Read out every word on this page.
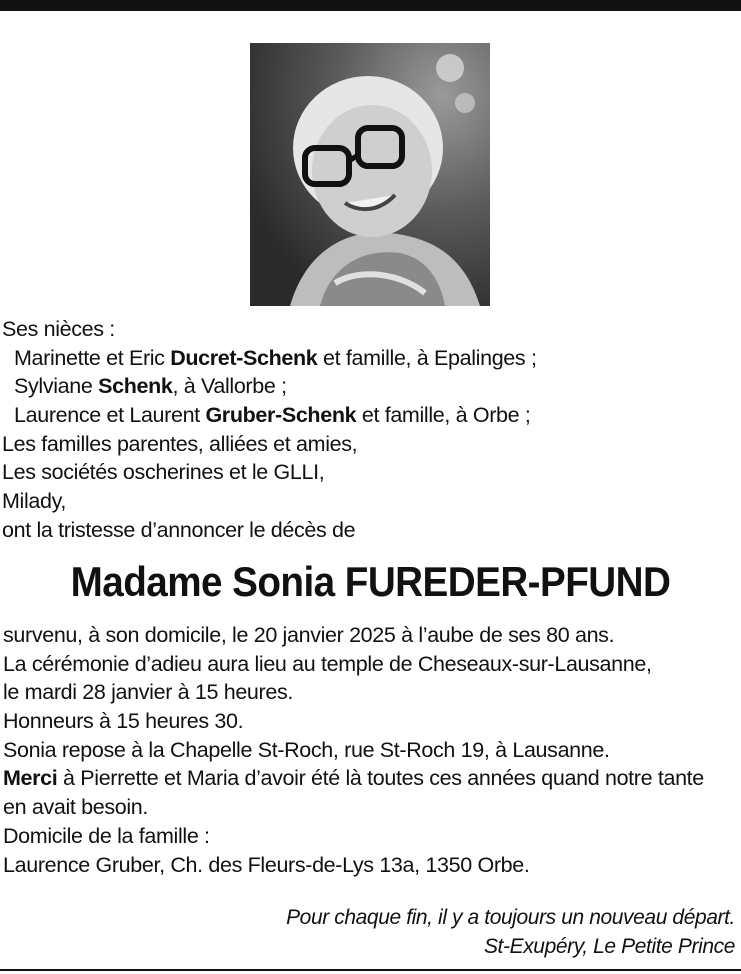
Ses nièces :
Marinette et Eric Ducret-Schenk et famille, à Epalinges ;
Sylviane Schenk, à Vallorbe ;
Laurence et Laurent Gruber-Schenk et famille, à Orbe ;
Les familles parentes, alliées et amies,
Les sociétés oscherines et le GLLI,
Milady,
ont la tristesse d’annoncer le décès de
Madame Sonia FUREDER-PFUND
survenu, à son domicile, le 20 janvier 2025 à l’aube de ses 80 ans.
La cérémonie d’adieu aura lieu au temple de Cheseaux-sur-Lausanne,
le mardi 28 janvier à 15 heures.
Honneurs à 15 heures 30.
Sonia repose à la Chapelle St-Roch, rue St-Roch 19, à Lausanne.
Merci à Pierrette et Maria d’avoir été là toutes ces années quand notre tante
en avait besoin.
Domicile de la famille :
Laurence Gruber, Ch. des Fleurs-de-Lys 13a, 1350 Orbe.
Pour chaque fin, il y a toujours un nouveau départ.
St-Exupéry, Le Petite Prince
